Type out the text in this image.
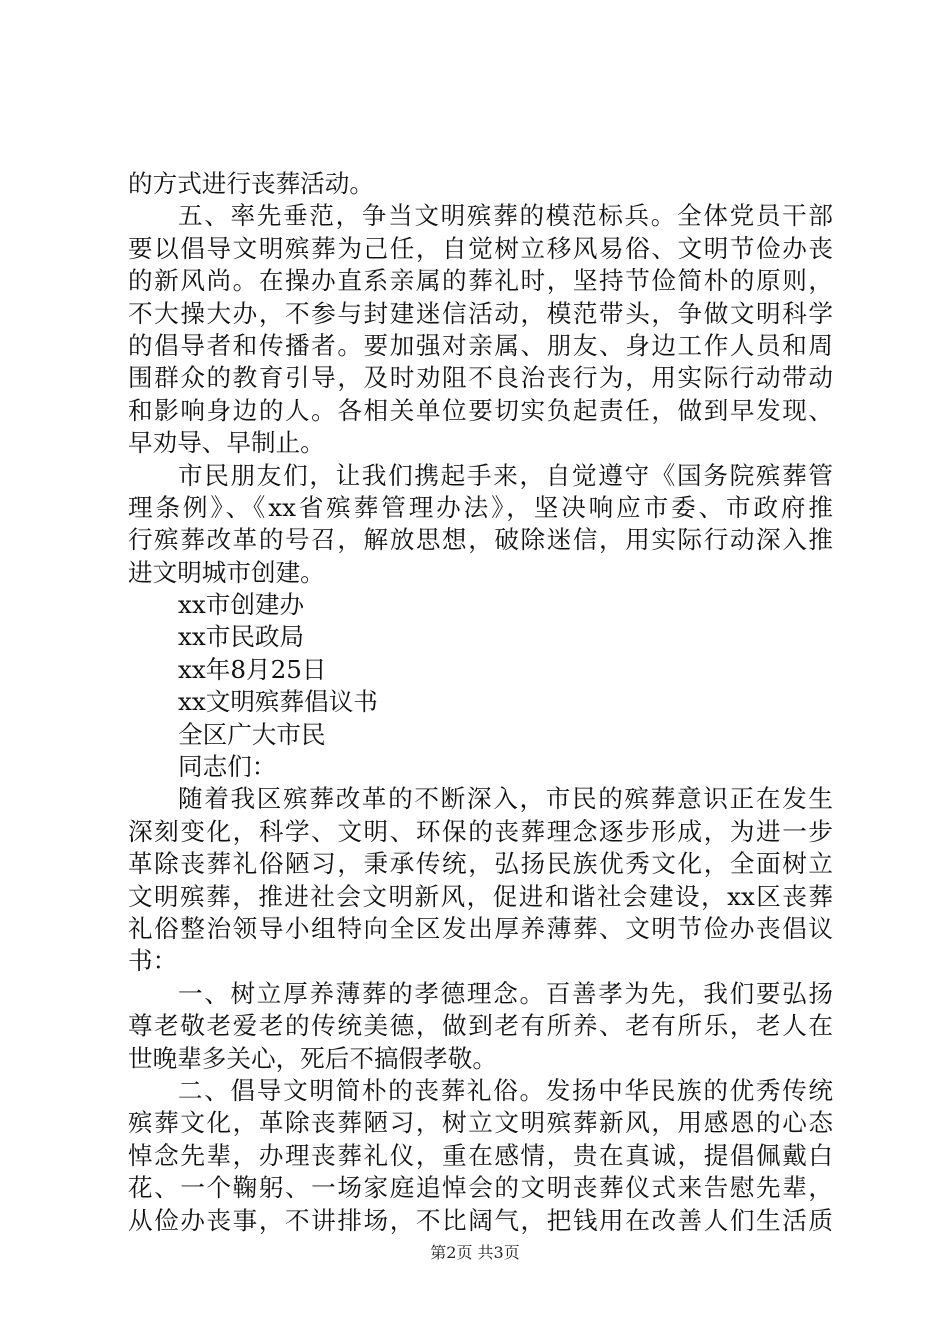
的方式进行丧葬活动。
五、率先垂范，争当文明殡葬的模范标兵。全体党员干部
要以倡导文明殡葬为己任，自觉树立移风易俗、文明节俭办丧
的新风尚。在操办直系亲属的葬礼时，坚持节俭简朴的原则，
不大操大办，不参与封建迷信活动，模范带头，争做文明科学
的倡导者和传播者。要加强对亲属、朋友、身边工作人员和周
围群众的教育引导，及时劝阻不良治丧行为，用实际行动带动
和影响身边的人。各相关单位要切实负起责任，做到早发现、
早劝导、早制止。
市民朋友们，让我们携起手来，自觉遵守《国务院殡葬管
理条例》、《xx省殡葬管理办法》，坚决响应市委、市政府推
行殡葬改革的号召，解放思想，破除迷信，用实际行动深入推
进文明城市创建。
xx市创建办
xx市民政局
xx年8月25日
xx文明殡葬倡议书
全区广大市民
同志们：
随着我区殡葬改革的不断深入，市民的殡葬意识正在发生
深刻变化，科学、文明、环保的丧葬理念逐步形成，为进一步
革除丧葬礼俗陋习，秉承传统，弘扬民族优秀文化，全面树立
文明殡葬，推进社会文明新风，促进和谐社会建设，xx区丧葬
礼俗整治领导小组特向全区发出厚养薄葬、文明节俭办丧倡议
书：
一、树立厚养薄葬的孝德理念。百善孝为先，我们要弘扬
尊老敬老爱老的传统美德，做到老有所养、老有所乐，老人在
世晚辈多关心，死后不搞假孝敬。
二、倡导文明简朴的丧葬礼俗。发扬中华民族的优秀传统
殡葬文化，革除丧葬陋习，树立文明殡葬新风，用感恩的心态
悼念先辈，办理丧葬礼仪，重在感情，贵在真诚，提倡佩戴白
花、一个鞠躬、一场家庭追悼会的文明丧葬仪式来告慰先辈，
从俭办丧事，不讲排场，不比阔气，把钱用在改善人们生活质
第2页 共3页
